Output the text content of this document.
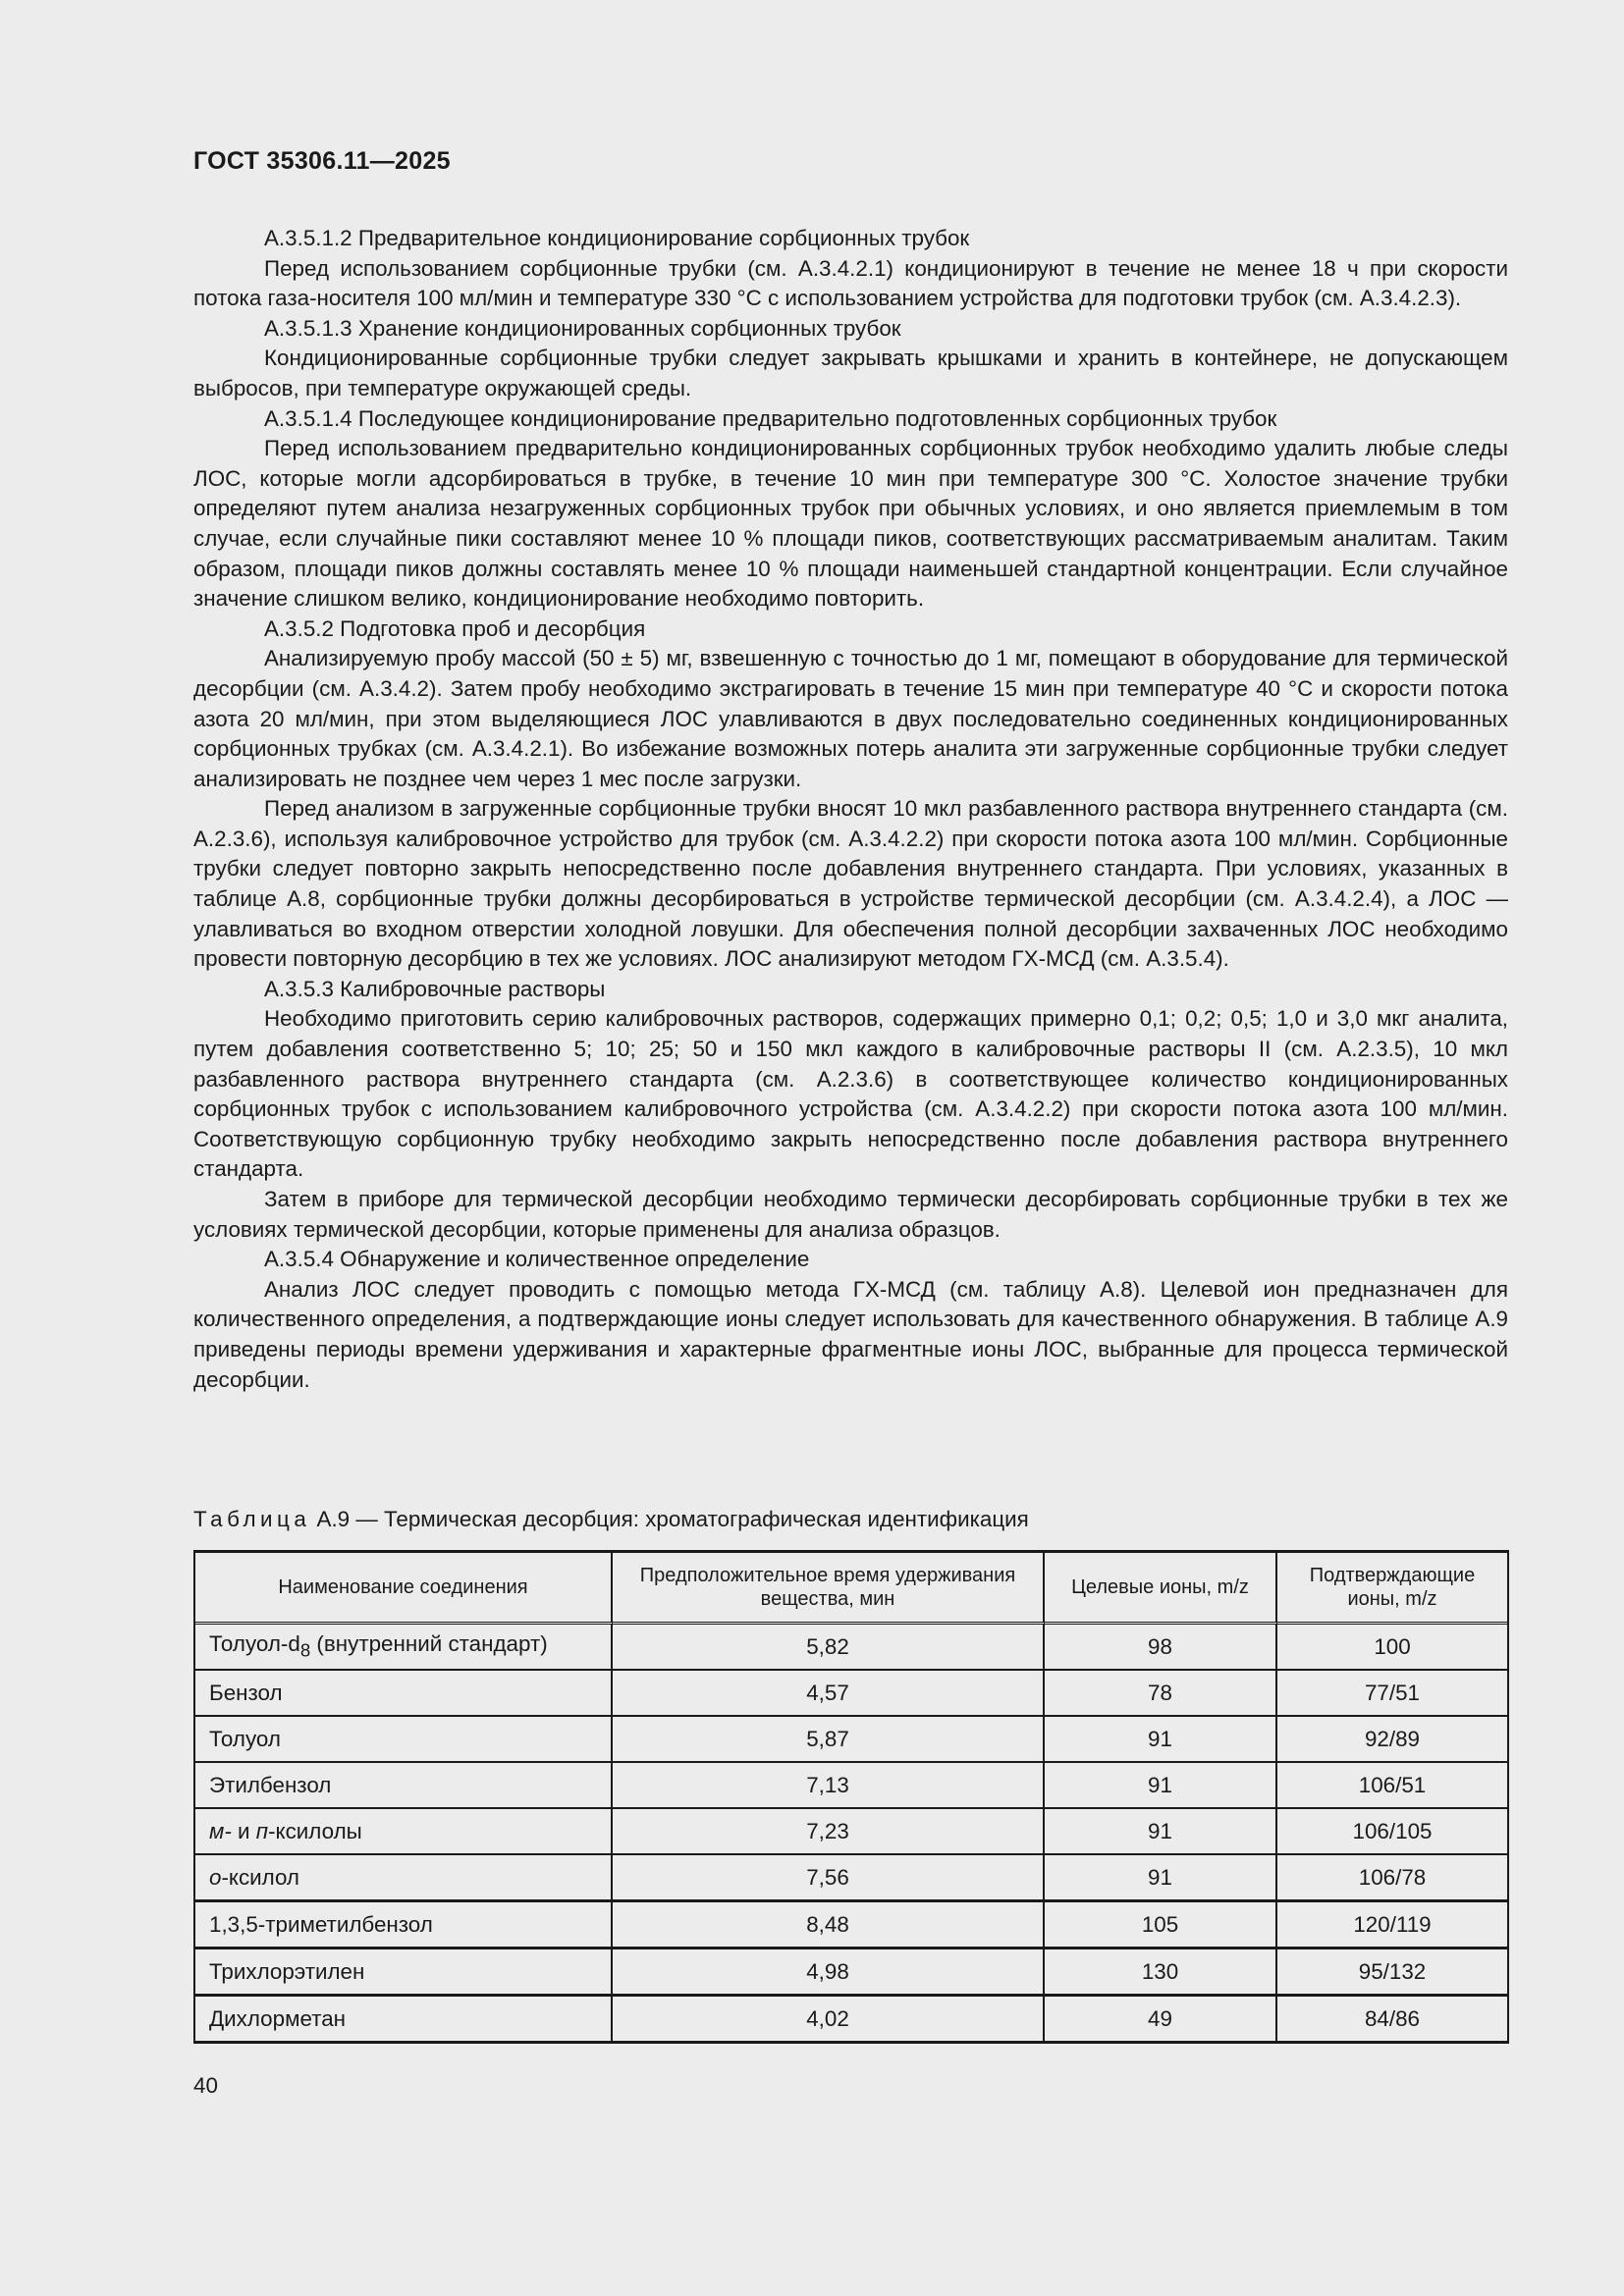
ГОСТ 35306.11—2025

А.3.5.1.2 Предварительное кондиционирование сорбционных трубок

Перед использованием сорбционные трубки (см. А.3.4.2.1) кондиционируют в течение не менее 18 ч при скорости потока газа-носителя 100 мл/мин и температуре 330 °С с использованием устройства для подготовки трубок (см. А.3.4.2.3).

А.3.5.1.3 Хранение кондиционированных сорбционных трубок

Кондиционированные сорбционные трубки следует закрывать крышками и хранить в контейнере, не допускающем выбросов, при температуре окружающей среды.

А.3.5.1.4 Последующее кондиционирование предварительно подготовленных сорбционных трубок

Перед использованием предварительно кондиционированных сорбционных трубок необходимо удалить любые следы ЛОС, которые могли адсорбироваться в трубке, в течение 10 мин при температуре 300 °С. Холостое значение трубки определяют путем анализа незагруженных сорбционных трубок при обычных условиях, и оно является приемлемым в том случае, если случайные пики составляют менее 10 % площади пиков, соответствующих рассматриваемым аналитам. Таким образом, площади пиков должны составлять менее 10 % площади наименьшей стандартной концентрации. Если случайное значение слишком велико, кондиционирование необходимо повторить.

А.3.5.2 Подготовка проб и десорбция

Анализируемую пробу массой (50 ± 5) мг, взвешенную с точностью до 1 мг, помещают в оборудование для термической десорбции (см. А.3.4.2). Затем пробу необходимо экстрагировать в течение 15 мин при температуре 40 °С и скорости потока азота 20 мл/мин, при этом выделяющиеся ЛОС улавливаются в двух последовательно соединенных кондиционированных сорбционных трубках (см. А.3.4.2.1). Во избежание возможных потерь аналита эти загруженные сорбционные трубки следует анализировать не позднее чем через 1 мес после загрузки.

Перед анализом в загруженные сорбционные трубки вносят 10 мкл разбавленного раствора внутреннего стандарта (см. А.2.3.6), используя калибровочное устройство для трубок (см. А.3.4.2.2) при скорости потока азота 100 мл/мин. Сорбционные трубки следует повторно закрыть непосредственно после добавления внутреннего стандарта. При условиях, указанных в таблице А.8, сорбционные трубки должны десорбироваться в устройстве термической десорбции (см. А.3.4.2.4), а ЛОС — улавливаться во входном отверстии холодной ловушки. Для обеспечения полной десорбции захваченных ЛОС необходимо провести повторную десорбцию в тех же условиях. ЛОС анализируют методом ГХ-МСД (см. А.3.5.4).

А.3.5.3 Калибровочные растворы

Необходимо приготовить серию калибровочных растворов, содержащих примерно 0,1; 0,2; 0,5; 1,0 и 3,0 мкг аналита, путем добавления соответственно 5; 10; 25; 50 и 150 мкл каждого в калибровочные растворы II (см. А.2.3.5), 10 мкл разбавленного раствора внутреннего стандарта (см. А.2.3.6) в соответствующее количество кондиционированных сорбционных трубок с использованием калибровочного устройства (см. А.3.4.2.2) при скорости потока азота 100 мл/мин. Соответствующую сорбционную трубку необходимо закрыть непосредственно после добавления раствора внутреннего стандарта.

Затем в приборе для термической десорбции необходимо термически десорбировать сорбционные трубки в тех же условиях термической десорбции, которые применены для анализа образцов.

А.3.5.4 Обнаружение и количественное определение

Анализ ЛОС следует проводить с помощью метода ГХ-МСД (см. таблицу А.8). Целевой ион предназначен для количественного определения, а подтверждающие ионы следует использовать для качественного обнаружения. В таблице А.9 приведены периоды времени удерживания и характерные фрагментные ионы ЛОС, выбранные для процесса термической десорбции.

Таблица А.9 — Термическая десорбция: хроматографическая идентификация
Наименование соединения	Предположительное время удерживания вещества, мин	Целевые ионы, m/z	Подтверждающие ионы, m/z
Толуол-$d_8$ (внутренний стандарт)	5,82	98	100
Бензол	4,57	78	77/51
Толуол	5,87	91	92/89
Этилбензол	7,13	91	106/51
м- и п-ксилолы	7,23	91	106/105
о-ксилол	7,56	91	106/78
1,3,5-триметилбензол	8,48	105	120/119
Трихлорэтилен	4,98	130	95/132
Дихлорметан	4,02	49	84/86
40
